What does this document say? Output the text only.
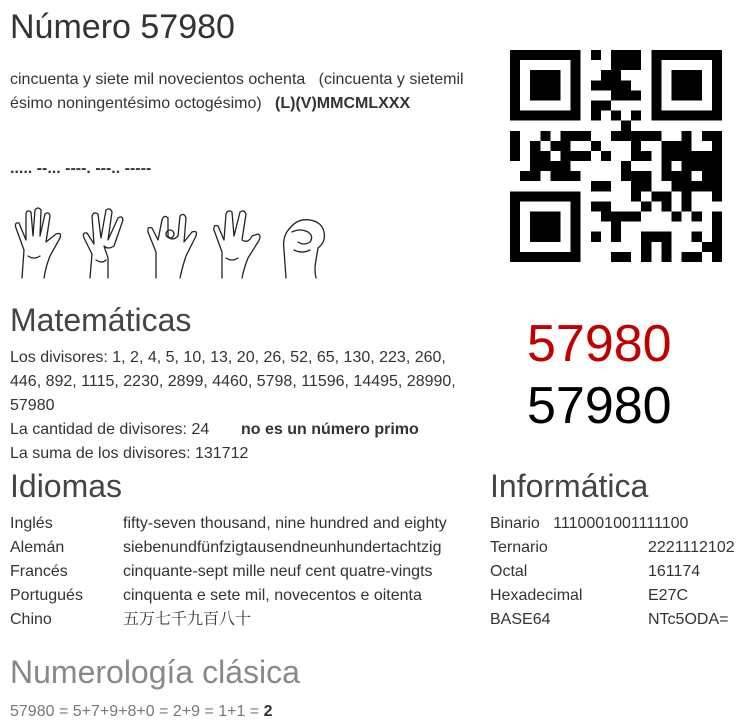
Número 57980
cincuenta y siete mil novecientos ochenta (cincuenta y sietemil ésimo noningentésimo octogésimo) (L)(V)MMCMLXXX
..... --... ----. ---.. -----
Matemáticas
Los divisores: 1, 2, 4, 5, 10, 13, 20, 26, 52, 65, 130, 223, 260, 446, 892, 1115, 2230, 2899, 4460, 5798, 11596, 14495, 28990, 57980
La cantidad de divisores: 24 no es un número primo
La suma de los divisores: 131712
57980
57980
Idiomas
Inglés	fifty-seven thousand, nine hundred and eighty
Alemán	siebenundfünfzigtausendneunhundertachtzig
Francés	cinquante-sept mille neuf cent quatre-vingts
Portugués	cinquenta e sete mil, novecentos e oitenta
Chino	五万七千九百八十
Informática
Binario 1110001001111100
Ternario	2221112102
Octal	161174
Hexadecimal	E27C
BASE64	NTc5ODA=
Numerología clásica
57980 = 5+7+9+8+0 = 2+9 = 1+1 = 2
